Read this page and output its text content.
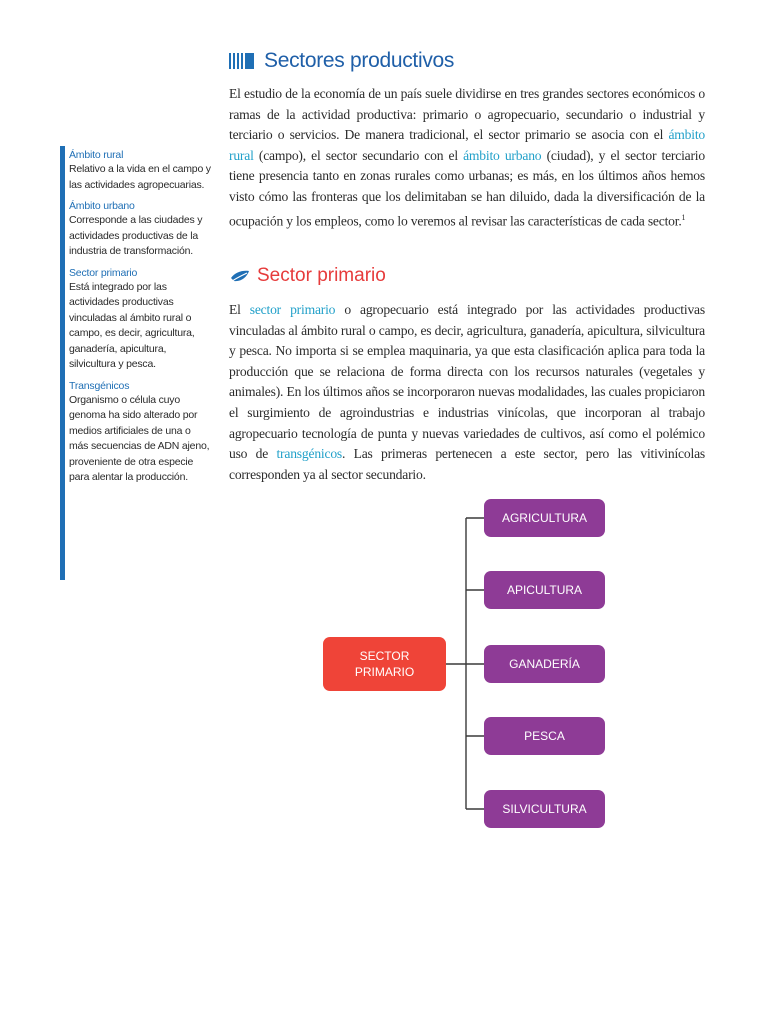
Ámbito rural
Relativo a la vida en el campo y las actividades agropecuarias.
Ámbito urbano
Corresponde a las ciudades y actividades productivas de la industria de transformación.
Sector primario
Está integrado por las actividades productivas vinculadas al ámbito rural o campo, es decir, agricultura, ganadería, apicultura, silvicultura y pesca.
Transgénicos
Organismo o célula cuyo genoma ha sido alterado por medios artificiales de una o más secuencias de ADN ajeno, proveniente de otra especie para alentar la producción.
Sectores productivos

El estudio de la economía de un país suele dividirse en tres grandes sectores económicos o ramas de la actividad productiva: primario o agropecuario, secundario o industrial y terciario o servicios. De manera tradicional, el sector primario se asocia con el ámbito rural (campo), el sector secundario con el ámbito urbano (ciudad), y el sector terciario tiene presencia tanto en zonas rurales como urbanas; es más, en los últimos años hemos visto cómo las fronteras que los delimitaban se han diluido, dada la diversificación de la ocupación y los empleos, como lo veremos al revisar las características de cada sector.$^1$

Sector primario

El sector primario o agropecuario está integrado por las actividades productivas vinculadas al ámbito rural o campo, es decir, agricultura, ganadería, apicultura, silvicultura y pesca. No importa si se emplea maquinaria, ya que esta clasificación aplica para toda la producción que se relaciona de forma directa con los recursos naturales (vegetales y animales). En los últimos años se incorporaron nuevas modalidades, las cuales propiciaron el surgimiento de agroindustrias e industrias vinícolas, que incorporan al trabajo agropecuario tecnología de punta y nuevas variedades de cultivos, así como el polémico uso de transgénicos. Las primeras pertenecen a este sector, pero las vitivinícolas corresponden ya al sector secundario.

SECTOR
PRIMARIO
AGRICULTURA
APICULTURA
GANADERÍA
PESCA
SILVICULTURA
